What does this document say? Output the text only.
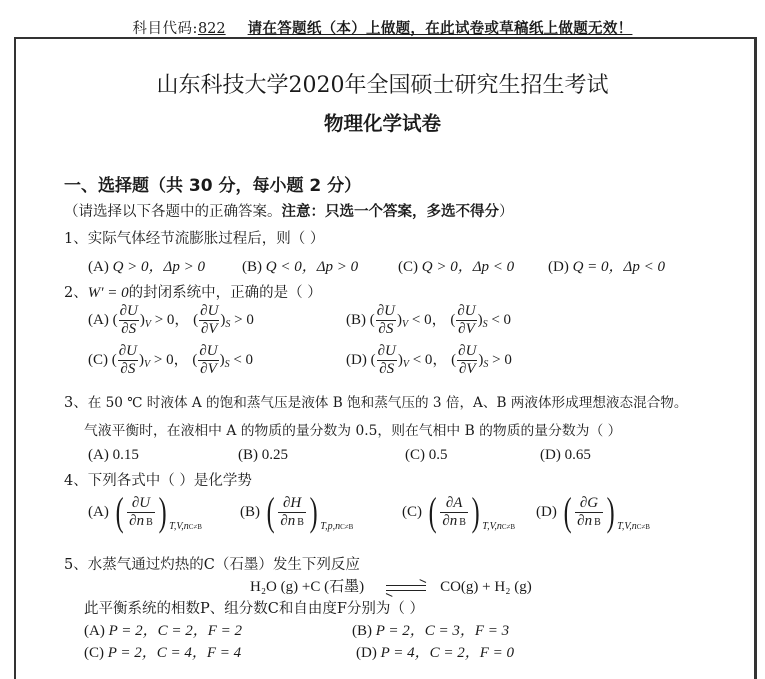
科目代码:822 请在答题纸（本）上做题，在此试卷或草稿纸上做题无效！
山东科技大学2020年全国硕士研究生招生考试
物理化学试卷
一、选择题（共 30 分，每小题 2 分）
（请选择以下各题中的正确答案。注意：只选一个答案，多选不得分）
1、实际气体经节流膨胀过程后，则（ ）
(A) Q > 0，Δp > 0 (B) Q < 0，Δp > 0	(C) Q > 0，Δp < 0 (D) Q = 0，Δp < 0
2、W′ = 0的封闭系统中，正确的是（ ）
(A) ( $\frac{\partial U}{\partial S} )_V > 0$， ( $\frac{\partial U}{\partial V} )_S > 0$	(B) ( $\frac{\partial U}{\partial S} )_V < 0$， ( $\frac{\partial U}{\partial V} )_S < 0$
(C) ( $\frac{\partial U}{\partial S} )_V > 0$， ( $\frac{\partial U}{\partial V} )_S < 0$	(D) ( $\frac{\partial U}{\partial S} )_V < 0$， ( $\frac{\partial U}{\partial V} )_S > 0$
3、在 50 ℃ 时液体 A 的饱和蒸气压是液体 B 饱和蒸气压的 3 倍，A、B 两液体形成理想液态混合物。
气液平衡时，在液相中 A 的物质的量分数为 0.5，则在气相中 B 的物质的量分数为（ ）
(A) 0.15	(B) 0.25	(C) 0.5	(D) 0.65
4、下列各式中（ ）是化学势
(A) ( $\frac{\partial U}{\text{∂n B}}$ ) T,V,nC≠B
(B) ( $\frac{\partial H}{\text{∂n B}}$ ) T,p,nC≠B
(C) ( $\frac{\partial A}{\text{∂n B}}$ ) T,V,nC≠B
(D) ( $\frac{\partial G}{\text{∂n B}}$ ) T,V,nC≠B
5、水蒸气通过灼热的C（石墨）发生下列反应
H₂O (g) +C (石墨)	CO(g) + H₂ (g)
此平衡系统的相数P、组分数C和自由度F分别为（ ）
(A) P = 2，C = 2，F = 2	(B) P = 2，C = 3，F = 3
(C) P = 2，C = 4，F = 4	(D) P = 4，C = 2，F = 0
